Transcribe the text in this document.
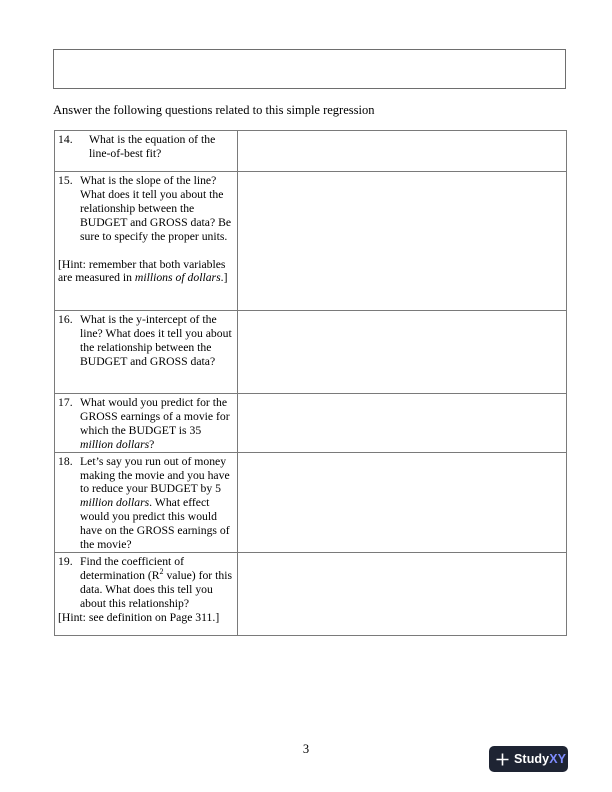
Answer the following questions related to this simple regression
14. What is the equation of the line-of-best fit?	

15. What is the slope of the line? What does it tell you about the relationship between the BUDGET and GROSS data? Be sure to specify the proper units.
[Hint: remember that both variables are measured in millions of dollars.]	

16. What is the y-intercept of the line? What does it tell you about the relationship between the BUDGET and GROSS data?	

17. What would you predict for the GROSS earnings of a movie for which the BUDGET is 35 million dollars?	

18. Let’s say you run out of money making the movie and you have to reduce your BUDGET by 5 million dollars. What effect would you predict this would have on the GROSS earnings of the movie?	

19. Find the coefficient of determination ($R^2$ value) for this data. What does this tell you about this relationship?
[Hint: see definition on Page 311.]	

3
StudyXY
